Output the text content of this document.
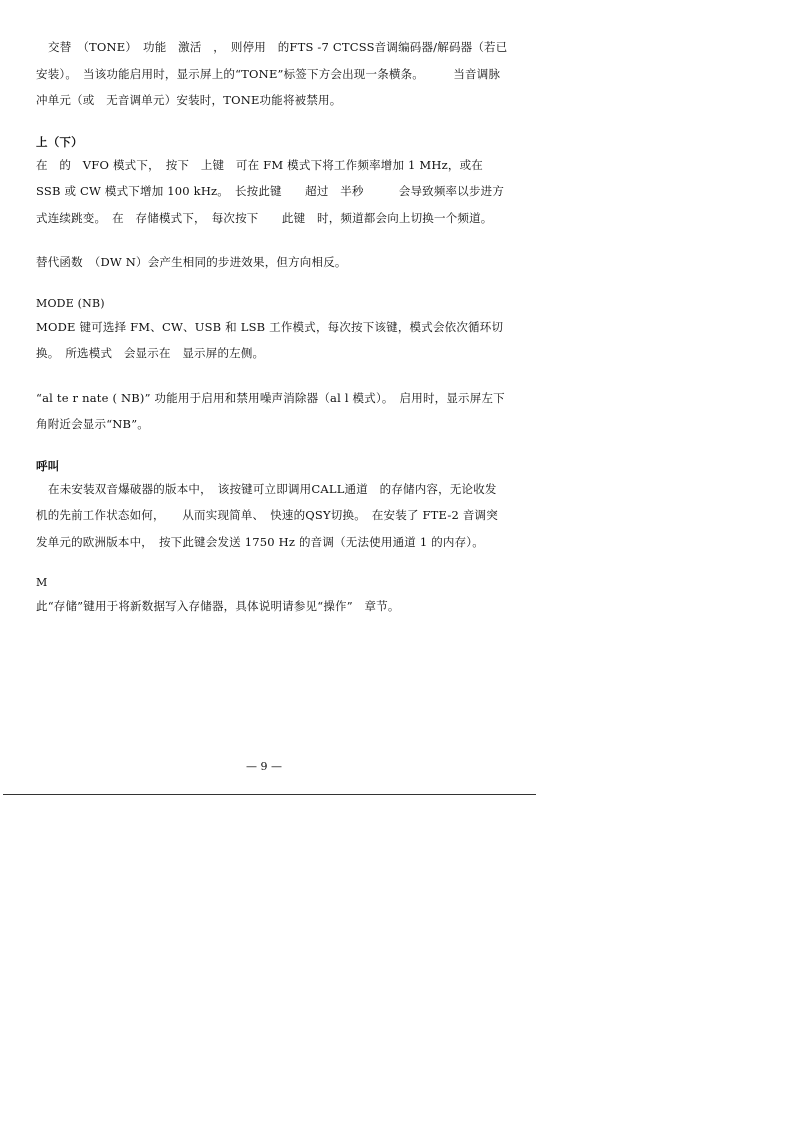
交替　（TONE）　功能　激活　，　则停用　的FTS -7 CTCSS音调编码器/解码器（若已安装）。　当该功能启用时，显示屏上的“TONE”标签下方会出现一条横条。　　　当音调脉冲单元（或　无音调单元）安装时，TONE功能将被禁用。

上（下）

在　的　VFO 模式下，　按下　上键　可在 FM 模式下将工作频率增加 1 MHz，或在 SSB 或 CW 模式下增加 100 kHz。　长按此键　　超过　半秒　　　会导致频率以步进方式连续跳变。　在　存储模式下，　每次按下　　此键　时，频道都会向上切换一个频道。

替代函数　（DW N）会产生相同的步进效果，但方向相反。

MODE (NB)

MODE 键可选择 FM、CW、USB 和 LSB 工作模式，每次按下该键，模式会依次循环切换。　所选模式　会显示在　显示屏的左侧。

“al te r nate ( NB)” 功能用于启用和禁用噪声消除器（al l 模式）。　启用时，显示屏左下角附近会显示“NB”。

呼叫

在未安装双音爆破器的版本中，　该按键可立即调用CALL通道　的存储内容，无论收发机的先前工作状态如何，　　从而实现简单、　快速的QSY切换。　在安装了 FTE-2 音调突发单元的欧洲版本中，　按下此键会发送 1750 Hz 的音调（无法使用通道 1 的内存）。

M

此“存储”键用于将新数据写入存储器，具体说明请参见“操作”　章节。

— 9 —
